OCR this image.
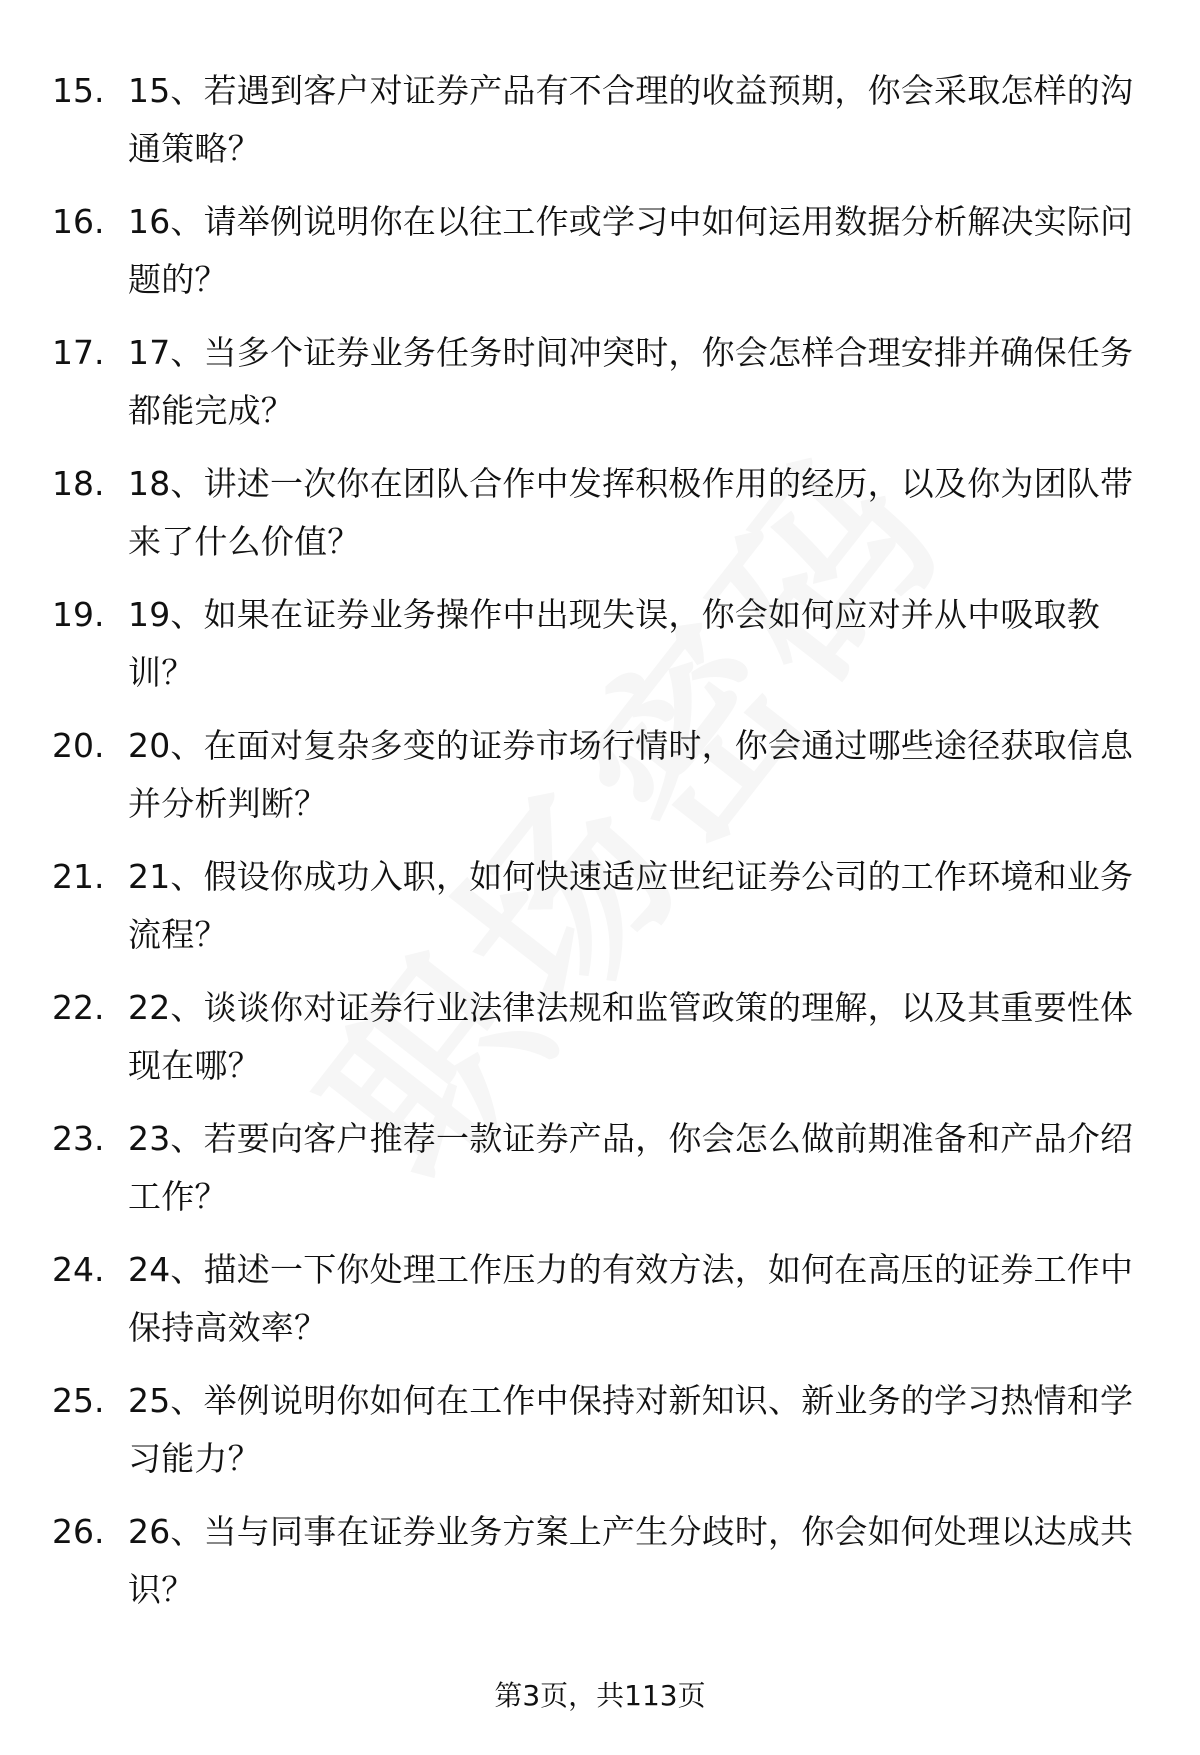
15. 15、若遇到客户对证券产品有不合理的收益预期，你会采取怎样的沟通策略？
16. 16、请举例说明你在以往工作或学习中如何运用数据分析解决实际问题的？
17. 17、当多个证券业务任务时间冲突时，你会怎样合理安排并确保任务都能完成？
18. 18、讲述一次你在团队合作中发挥积极作用的经历，以及你为团队带来了什么价值？
19. 19、如果在证券业务操作中出现失误，你会如何应对并从中吸取教训？
20. 20、在面对复杂多变的证券市场行情时，你会通过哪些途径获取信息并分析判断？
21. 21、假设你成功入职，如何快速适应世纪证券公司的工作环境和业务流程？
22. 22、谈谈你对证券行业法律法规和监管政策的理解，以及其重要性体现在哪？
23. 23、若要向客户推荐一款证券产品，你会怎么做前期准备和产品介绍工作？
24. 24、描述一下你处理工作压力的有效方法，如何在高压的证券工作中保持高效率？
25. 25、举例说明你如何在工作中保持对新知识、新业务的学习热情和学习能力？
26. 26、当与同事在证券业务方案上产生分歧时，你会如何处理以达成共识？
第3页，共113页
